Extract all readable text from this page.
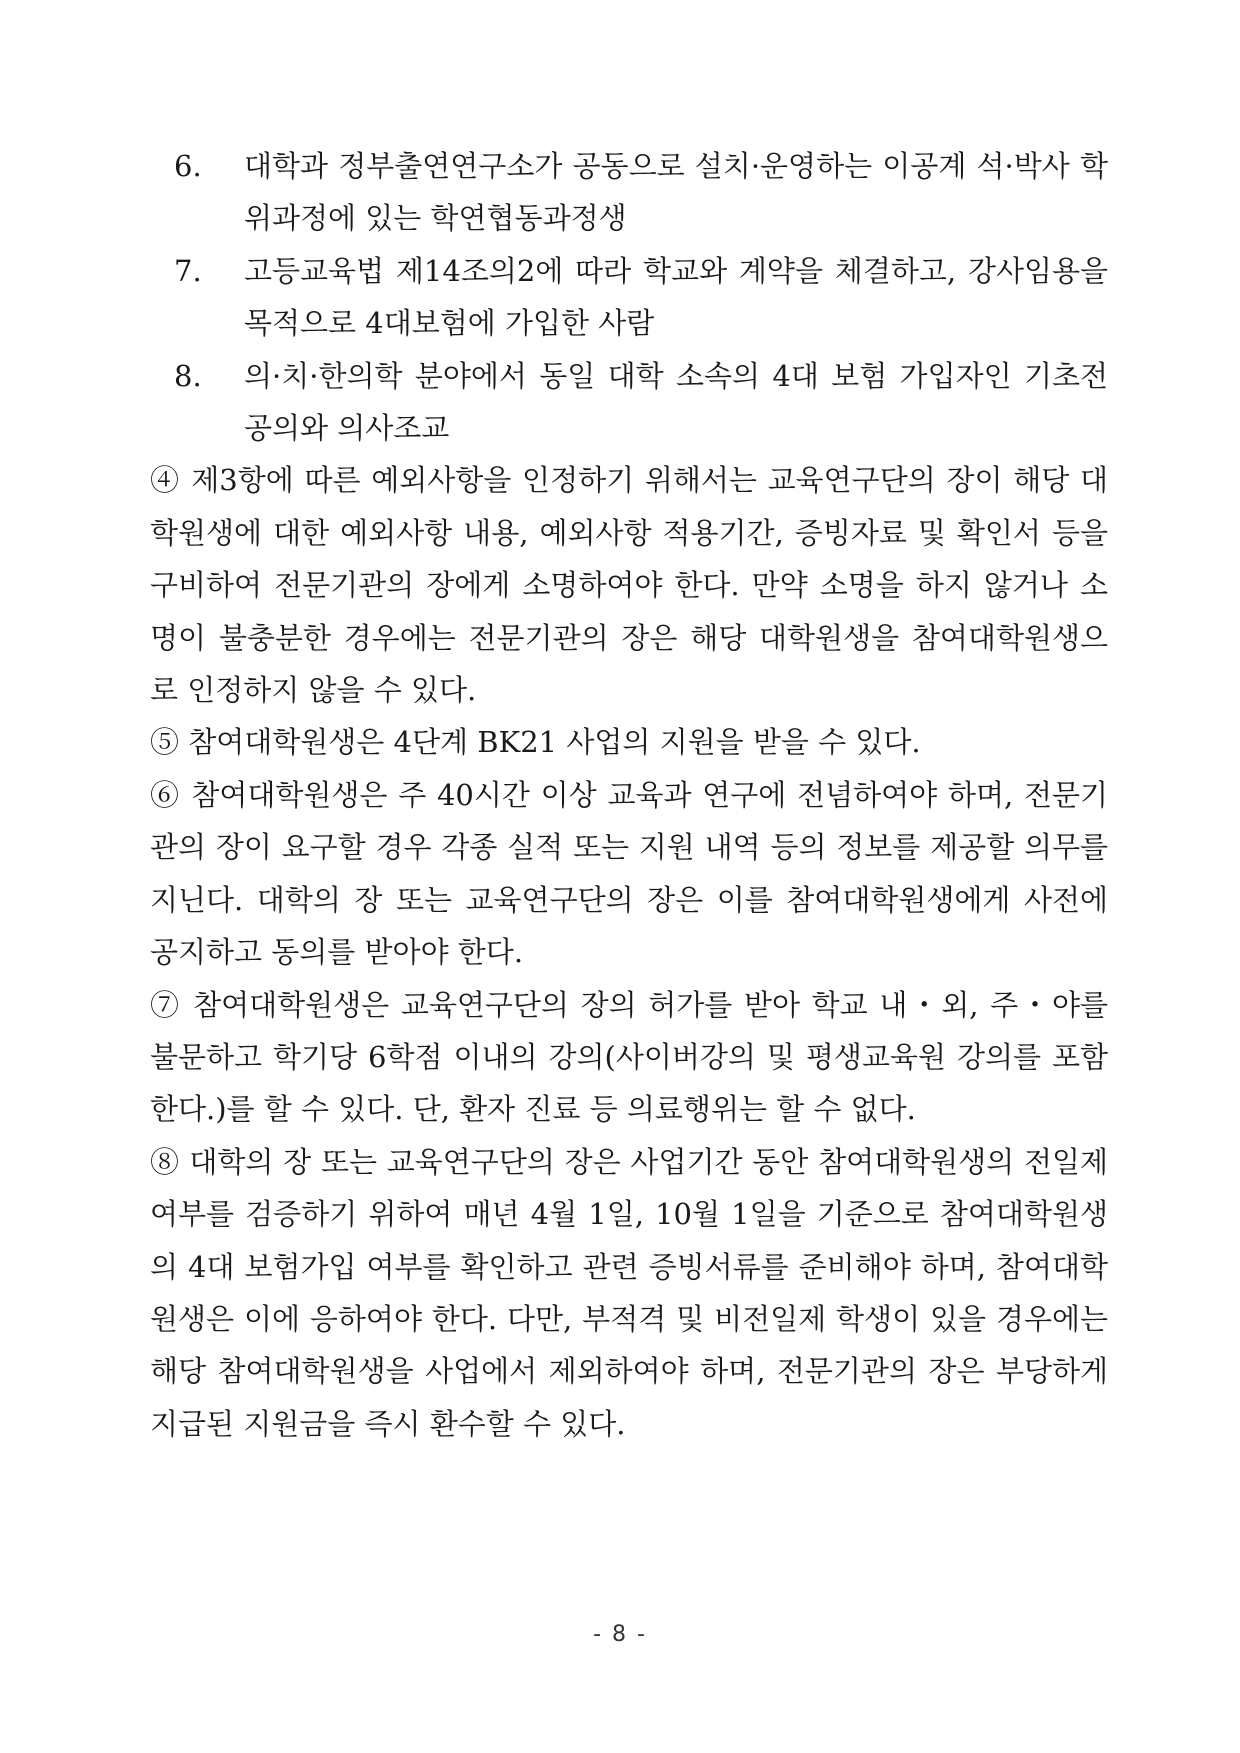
6. 대학과 정부출연연구소가 공동으로 설치·운영하는 이공계 석·박사 학위과정에 있는 학연협동과정생
7. 고등교육법 제14조의2에 따라 학교와 계약을 체결하고, 강사임용을 목적으로 4대보험에 가입한 사람
8. 의·치·한의학 분야에서 동일 대학 소속의 4대 보험 가입자인 기초전공의와 의사조교
④ 제3항에 따른 예외사항을 인정하기 위해서는 교육연구단의 장이 해당 대학원생에 대한 예외사항 내용, 예외사항 적용기간, 증빙자료 및 확인서 등을 구비하여 전문기관의 장에게 소명하여야 한다. 만약 소명을 하지 않거나 소명이 불충분한 경우에는 전문기관의 장은 해당 대학원생을 참여대학원생으로 인정하지 않을 수 있다.
⑤ 참여대학원생은 4단계 BK21 사업의 지원을 받을 수 있다.
⑥ 참여대학원생은 주 40시간 이상 교육과 연구에 전념하여야 하며, 전문기관의 장이 요구할 경우 각종 실적 또는 지원 내역 등의 정보를 제공할 의무를 지닌다. 대학의 장 또는 교육연구단의 장은 이를 참여대학원생에게 사전에 공지하고 동의를 받아야 한다.
⑦ 참여대학원생은 교육연구단의 장의 허가를 받아 학교 내・외, 주・야를 불문하고 학기당 6학점 이내의 강의(사이버강의 및 평생교육원 강의를 포함한다.)를 할 수 있다. 단, 환자 진료 등 의료행위는 할 수 없다.
⑧ 대학의 장 또는 교육연구단의 장은 사업기간 동안 참여대학원생의 전일제 여부를 검증하기 위하여 매년 4월 1일, 10월 1일을 기준으로 참여대학원생의 4대 보험가입 여부를 확인하고 관련 증빙서류를 준비해야 하며, 참여대학원생은 이에 응하여야 한다. 다만, 부적격 및 비전일제 학생이 있을 경우에는 해당 참여대학원생을 사업에서 제외하여야 하며, 전문기관의 장은 부당하게 지급된 지원금을 즉시 환수할 수 있다.
- 8 -
